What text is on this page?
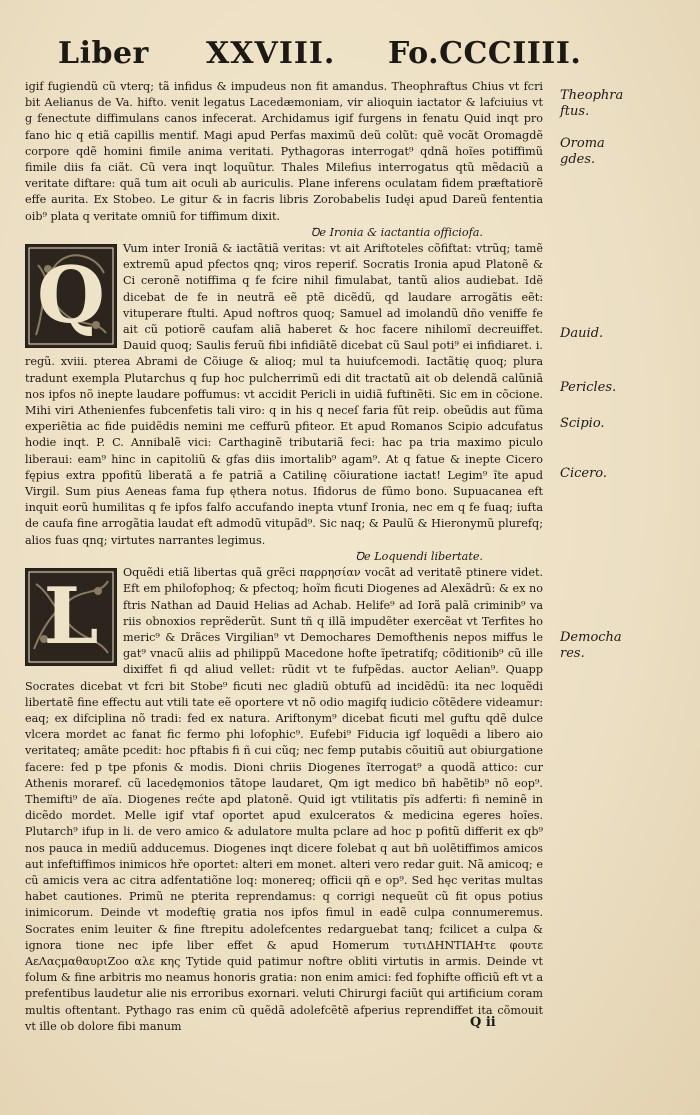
Liber XXVIII. Fo.CCCIIII.

igif fugiendũ cũ vterq; tã infidus & impudeus non fit amandus. Theophraftus Chius vt fcri bit Aelianus de Va. hifto. venit legatus Lacedæmoniam, vir alioquin iactator & lafciuius vt g fenectute diffimulans canos infecerat. Archidamus igif furgens in fenatu Quid inqt pro fano hic q etiã capillis mentif. Magi apud Perfas maximũ deũ colũt: quẽ vocãt Oromagdẽ corpore qdẽ homini fimile anima veritati. Pythagoras interrogat⁹ qdnã hoĩes potiffimũ fimile diis fa ciãt. Cũ vera inqt loquũtur. Thales Milefius interrogatus qtũ mẽdaciũ a veritate diftare: quã tum ait oculi ab auriculis. Plane inferens oculatam fidem præftatiorẽ effe aurita. Ex Stobeo. Le gitur & in facris libris Zorobabelis Iudęi apud Dareũ fententia oib⁹ plata q veritate omniũ for tiffimum dixit.

Ꝺe Ironia & iactantia officiofa.

Q

Vum inter Ironiã & iactãtiã veritas: vt ait Ariftoteles cõfiftat: vtrũq; tamẽ extremũ apud pfectos qnq; viros reperif. Socratis Ironia apud Platonẽ & Ci ceronẽ notiffima q fe fcire nihil fimulabat, tantũ alios audiebat. Idẽ dicebat de fe in neutrã eẽ ptẽ dicẽdũ, qd laudare arrogãtis eẽt: vituperare ftulti. Apud noftros quoq; Samuel ad imolandũ dño veniffe fe ait cũ potiorẽ caufam aliã haberet & hoc facere nihilomĩ decreuiffet. Dauid quoq; Saulis feruũ fibi infidiãtẽ dicebat cũ Saul poti⁹ ei infidiaret. i. regũ. xviii. pterea Abrami de Cõiuge & alioq; mul ta huiufcemodi. Iactãtię quoq; plura tradunt exempla Plutarchus q fup hoc pulcherrimũ edi dit tractatũ ait ob delendã calũniã nos ipfos nõ inepte laudare poffumus: vt accidit Pericli in uidiã fuftinẽti. Sic em in cõcione. Mihi viri Athenienfes fubcenfetis tali viro: q in his q neceſ faria fūt reip. obeũdis aut fũma experiẽtia ac fide puidẽdis nemini me ceffurũ pfiteor. Et apud Romanos Scipio adcufatus hodie inqt. P. C. Annibalẽ vici: Carthaginẽ tributariã feci: hac pa tria maximo piculo liberaui: eam⁹ hinc in capitoliũ & gfas diis imortalib⁹ agam⁹. At q fatue & inepte Cicero fępius extra ppofitũ liberatã a fe patriã a Catilinę cõiuratione iactat! Legim⁹ ĩte apud Virgil. Sum pius Aeneas fama fup ęthera notus. Ifidorus de fũmo bono. Supuacanea eft inquit eorũ humilitas q fe ipfos falfo accufando inepta vtunf Ironia, nec em q fe fuaq; iufta de caufa fine arrogãtia laudat eft admodũ vitupãd⁹. Sic naq; & Paulũ & Hieronymũ plurefq; alios fuas qnq; virtutes narrantes legimus.

Ꝺe Loquendi libertate.

L	Oquẽdi etiã libertas quã grẽci παρρησίαν vocãt ad veritatẽ ptinere videt. Eft em philofophoq; & pfectoq; hoĩm ficuti Diogenes ad Alexãdrũ: & ex no ftris Nathan ad Dauid Helias ad Achab. Helife⁹ ad Iorã palã criminib⁹ va riis obnoxios reprẽderũt. Sunt tñ q illã impudẽter exercẽat vt Terfites ho meric⁹ & Drãces Virgilian⁹ vt Demochares Demofthenis nepos miffus le gat⁹ vnacũ aliis ad philippũ Macedone hofte ĩpetratifq; cõditionib⁹ cũ ille dixiffet fi qd aliud vellet: rũdit vt te fufpẽdas. auctor Aelian⁹. Quapp Socrates dicebat vt fcri bit Stobe⁹ ficuti nec gladiũ obtufũ ad incidẽdũ: ita nec loquẽdi libertatẽ fine effectu aut vtili tate eẽ oportere vt nõ odio magifq iudicio cõtẽdere videamur: eaq; ex difciplina nõ tradi: fed ex natura. Ariftonym⁹ dicebat ficuti mel guftu qdẽ dulce vlcera mordet ac fanat fic fermo phi lofophic⁹. Eufebi⁹ Fiducia igf loquẽdi a libero aio veritateq; amãte pcedit: hoc pftabis fi ñ cui cũq; nec femp putabis cõuitiũ aut obiurgatione facere: fed p tpe pfonis & modis. Dioni chriis Diogenes ĩterrogat⁹ a quodã attico: cur Athenis moraref. cũ lacedęmonios tãtope laudaret, Qm igt medico bñ habẽtib⁹ nõ eop⁹. Themifti⁹ de aïa. Diogenes rećte apd platonẽ. Quid igt vtilitatis pĩs adferti: fi neminẽ in dicẽdo mordet. Melle igif vtaf oportet apud exulceratos & medicina egeres hoĩes. Plutarch⁹ ifup in li. de vero amico & adulatore multa pclare ad hoc p pofitũ differit ex qb⁹ nos pauca in mediũ adducemus. Diogenes inqt dicere folebat q aut bñ uolẽtiffimos amicos aut infeftiffimos inimicos hře oportet: alteri em monet. alteri vero redar guit. Nã amicoq; e cũ amicis vera ac citra adfentatiõne loq: monereq; officii qñ e op⁹. Sed hęc veritas multas habet cautiones. Primũ ne pterita reprendamus: q corrigi nequeũt cũ fit opus potius inimicorum. Deinde vt modeftię gratia nos ipfos fimul in eadẽ culpa connumeremus. Socrates enim leuiter & fine ftrepitu adolefcentes redarguebat tanq; fcilicet a culpa & ignora tione nec ipfe liber effet & apud Homerum τυτιΔΗΝΤΙΑΗτε φουτε ΑεΛαςμαθαυριΖοο αλε κης Tytide quid patimur noftre obliti virtutis in armis. Deinde vt folum & fine arbitris mo neamus honoris gratia: non enim amici: fed fophifte officiũ eft vt a prefentibus laudetur alie nis erroribus exornari. veluti Chirurgi faciũt qui artificium coram multis oftentant. Pythago ras enim cũ quẽdã adolefcẽtẽ afperius reprendiffet ita cõmouit vt ille ob dolore fibi manum

Theophra ftus.
Oroma gdes.
Dauid.
Pericles.
Scipio.
Cicero.
Democha res.
Q ii
